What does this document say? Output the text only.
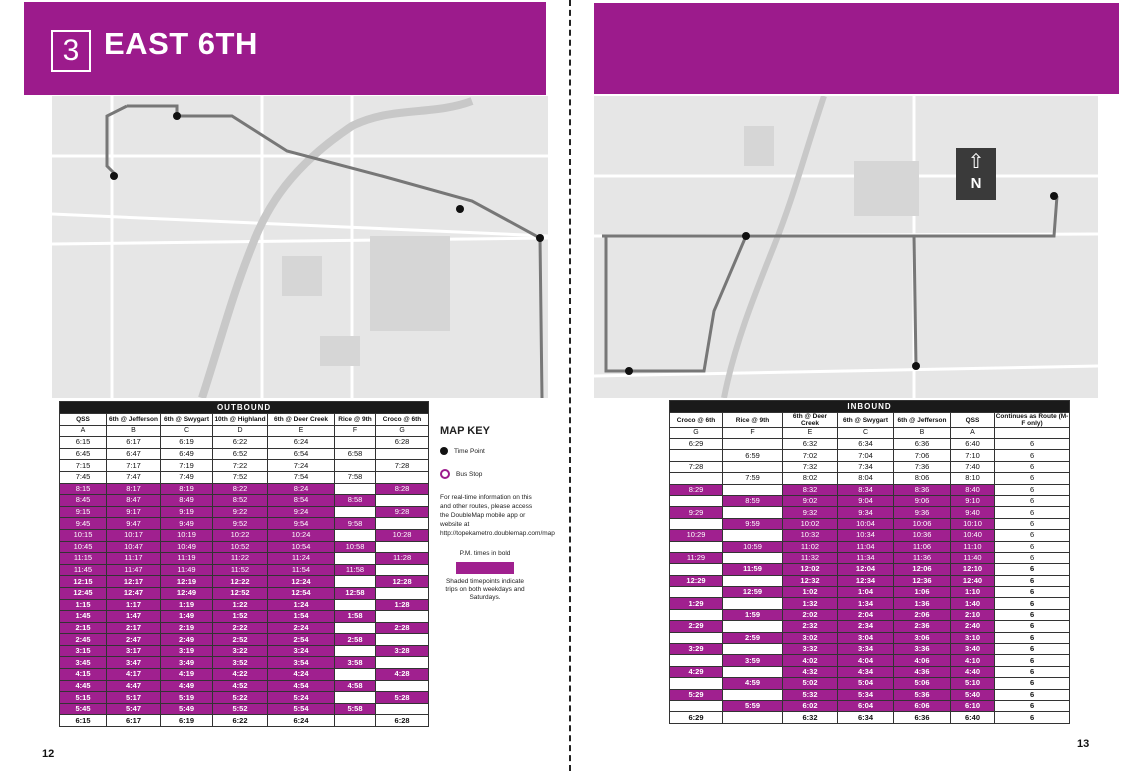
3 EAST 6TH
⇧
N
OUTBOUND						
QSS	6th @ Jefferson	6th @ Swygart	10th @ Highland	6th @ Deer Creek	Rice @ 9th	Croco @ 6th
A	B	C	D	E	F	G
6:15	6:17	6:19	6:22	6:24		6:28
6:45	6:47	6:49	6:52	6:54	6:58	
7:15	7:17	7:19	7:22	7:24		7:28
7:45	7:47	7:49	7:52	7:54	7:58	
8:15	8:17	8:19	8:22	8:24		8:28
8:45	8:47	8:49	8:52	8:54	8:58	
9:15	9:17	9:19	9:22	9:24		9:28
9:45	9:47	9:49	9:52	9:54	9:58	
10:15	10:17	10:19	10:22	10:24		10:28
10:45	10:47	10:49	10:52	10:54	10:58	
11:15	11:17	11:19	11:22	11:24		11:28
11:45	11:47	11:49	11:52	11:54	11:58	
12:15	12:17	12:19	12:22	12:24		12:28
12:45	12:47	12:49	12:52	12:54	12:58	
1:15	1:17	1:19	1:22	1:24		1:28
1:45	1:47	1:49	1:52	1:54	1:58	
2:15	2:17	2:19	2:22	2:24		2:28
2:45	2:47	2:49	2:52	2:54	2:58	
3:15	3:17	3:19	3:22	3:24		3:28
3:45	3:47	3:49	3:52	3:54	3:58	
4:15	4:17	4:19	4:22	4:24		4:28
4:45	4:47	4:49	4:52	4:54	4:58	
5:15	5:17	5:19	5:22	5:24		5:28
5:45	5:47	5:49	5:52	5:54	5:58	
6:15	6:17	6:19	6:22	6:24		6:28
MAP KEY
Time Point
Bus Stop
For real-time information on this and other routes, please access the DoubleMap mobile app or website at http://topekametro.doublemap.com/map
P.M. times in bold
Shaded timepoints indicate trips on both weekdays and Saturdays.
12
INBOUND						
Croco @ 6th	Rice @ 9th	6th @ Deer Creek	6th @ Swygart	6th @ Jefferson	QSS	Continues as Route (M-F only)
G	F	E	C	B	A	
6:29		6:32	6:34	6:36	6:40	6
	6:59	7:02	7:04	7:06	7:10	6
7:28		7:32	7:34	7:36	7:40	6
	7:59	8:02	8:04	8:06	8:10	6
8:29		8:32	8:34	8:36	8:40	6
	8:59	9:02	9:04	9:06	9:10	6
9:29		9:32	9:34	9:36	9:40	6
	9:59	10:02	10:04	10:06	10:10	6
10:29		10:32	10:34	10:36	10:40	6
	10:59	11:02	11:04	11:06	11:10	6
11:29		11:32	11:34	11:36	11:40	6
	11:59	12:02	12:04	12:06	12:10	6
12:29		12:32	12:34	12:36	12:40	6
	12:59	1:02	1:04	1:06	1:10	6
1:29		1:32	1:34	1:36	1:40	6
	1:59	2:02	2:04	2:06	2:10	6
2:29		2:32	2:34	2:36	2:40	6
	2:59	3:02	3:04	3:06	3:10	6
3:29		3:32	3:34	3:36	3:40	6
	3:59	4:02	4:04	4:06	4:10	6
4:29		4:32	4:34	4:36	4:40	6
	4:59	5:02	5:04	5:06	5:10	6
5:29		5:32	5:34	5:36	5:40	6
	5:59	6:02	6:04	6:06	6:10	6
6:29		6:32	6:34	6:36	6:40	6
13
